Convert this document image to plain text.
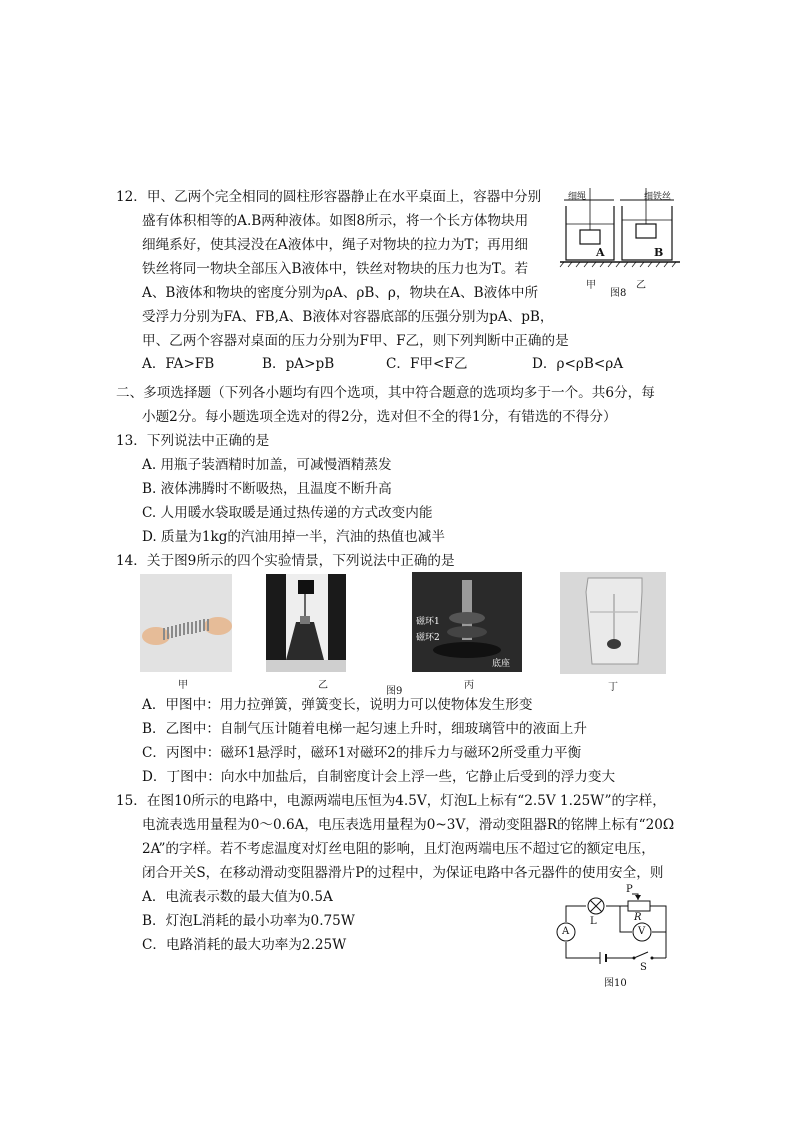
12．甲、乙两个完全相同的圆柱形容器静止在水平桌面上，容器中分别
盛有体积相等的A.B两种液体。如图8所示，将一个长方体物块用
细绳系好，使其浸没在A液体中，绳子对物块的拉力为T；再用细
铁丝将同一物块全部压入B液体中，铁丝对物块的压力也为T。若
A、B液体和物块的密度分别为ρA、ρB、ρ，物块在A、B液体中所
受浮力分别为FA、FB,A、B液体对容器底部的压强分别为pA、pB，
甲、乙两个容器对桌面的压力分别为F甲、F乙，则下列判断中正确的是
A．FA>FB	B．pA>pB	C．F甲<F乙	D．ρ<ρB<ρA
细绳	细铁丝
A	B
甲
图8
乙
二、多项选择题（下列各小题均有四个选项，其中符合题意的选项均多于一个。共6分，每
小题2分。每小题选项全选对的得2分，选对但不全的得1分，有错选的不得分）
13．下列说法中正确的是
A. 用瓶子装酒精时加盖，可减慢酒精蒸发
B. 液体沸腾时不断吸热，且温度不断升高
C. 人用暖水袋取暖是通过热传递的方式改变内能
D. 质量为1kg的汽油用掉一半，汽油的热值也减半
14．关于图9所示的四个实验情景，下列说法中正确的是
甲	乙
磁环1
磁环2
底座
图9
丙	丁
A．甲图中：用力拉弹簧，弹簧变长，说明力可以使物体发生形变
B．乙图中：自制气压计随着电梯一起匀速上升时，细玻璃管中的液面上升
C．丙图中：磁环1悬浮时，磁环1对磁环2的排斥力与磁环2所受重力平衡
D．丁图中：向水中加盐后，自制密度计会上浮一些，它静止后受到的浮力变大
15．在图10所示的电路中，电源两端电压恒为4.5V，灯泡L上标有“2.5V 1.25W”的字样，
电流表选用量程为0～0.6A，电压表选用量程为0~3V，滑动变阻器R的铭牌上标有“20Ω
2A”的字样。若不考虑温度对灯丝电阻的影响，且灯泡两端电压不超过它的额定电压，
闭合开关S，在移动滑动变阻器滑片P的过程中，为保证电路中各元器件的使用安全，则
A．电流表示数的最大值为0.5A
B．灯泡L消耗的最小功率为0.75W
C．电路消耗的最大功率为2.25W
P
L	R
A	V
S
图10
